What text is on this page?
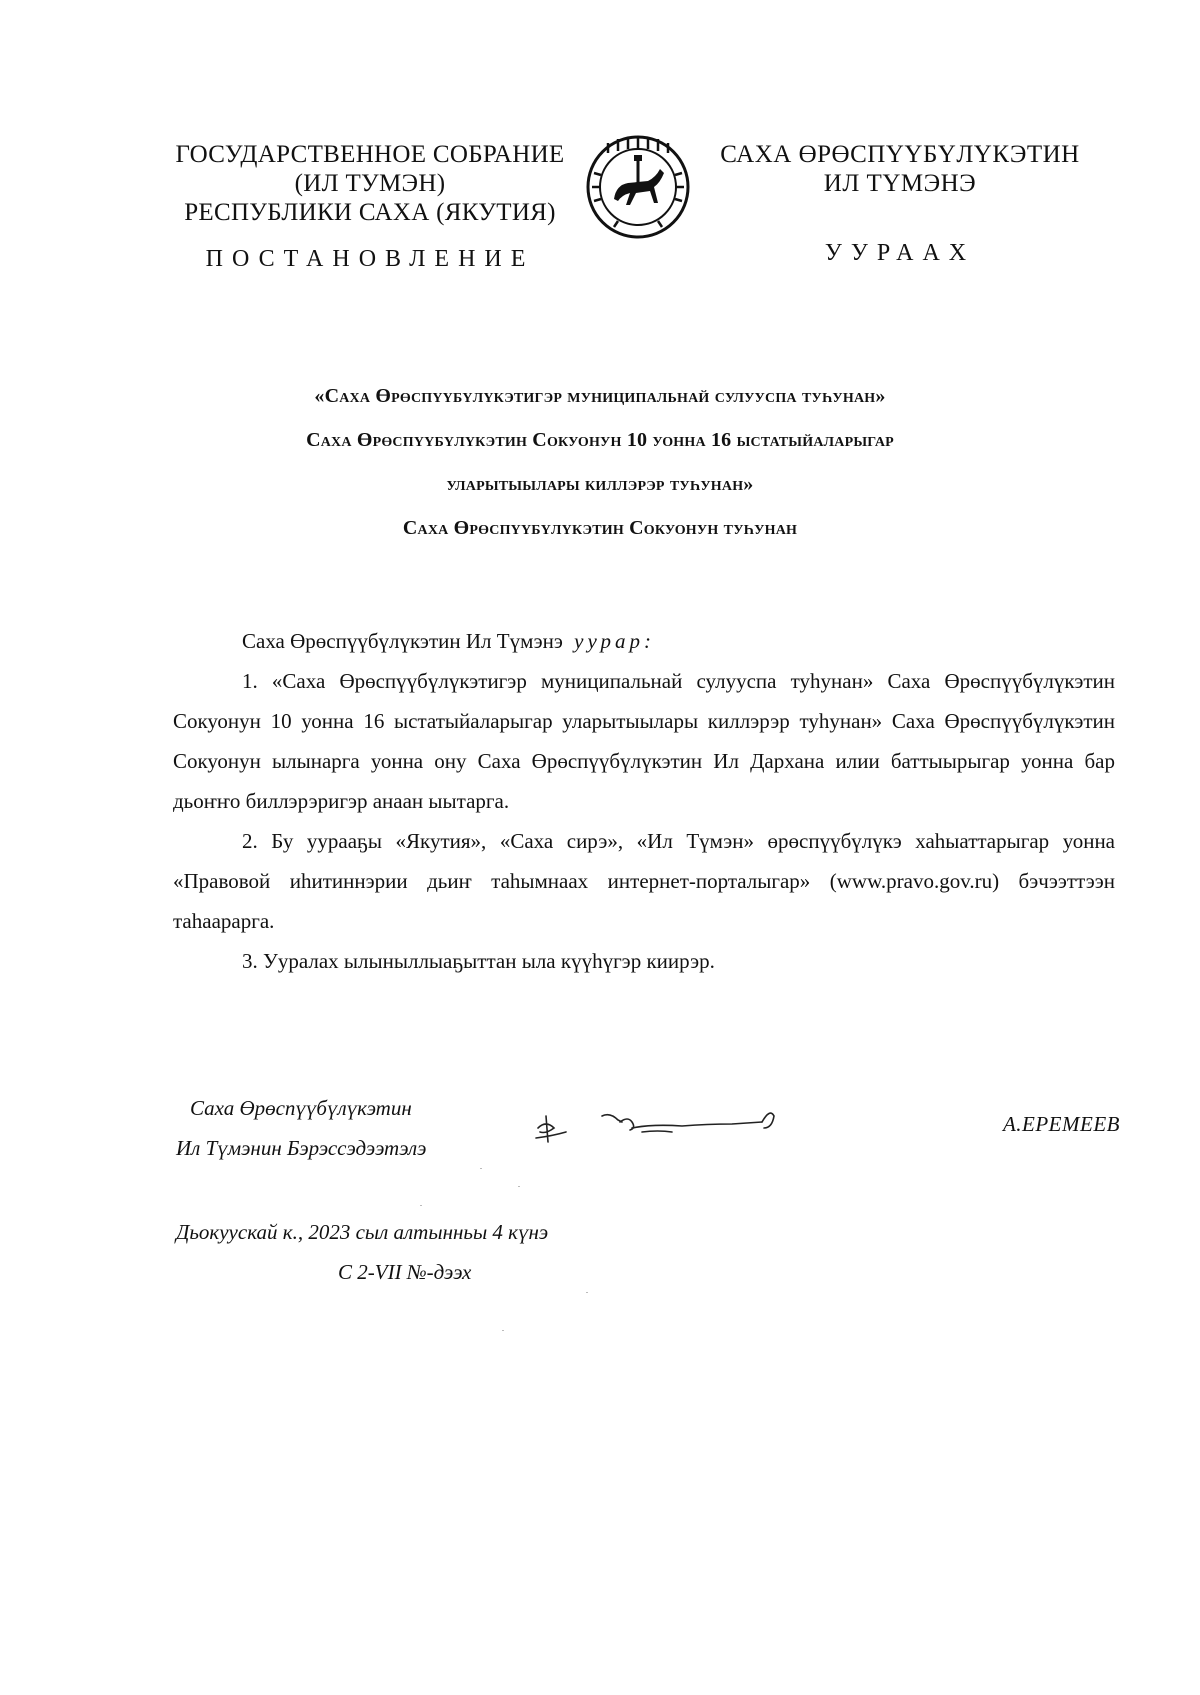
ГОСУДАРСТВЕННОЕ СОБРАНИЕ
(ИЛ ТУМЭН)
РЕСПУБЛИКИ САХА (ЯКУТИЯ)
САХА ӨРӨСПҮҮБҮЛҮКЭТИН
ИЛ ТҮМЭНЭ
ПОСТАНОВЛЕНИЕ	УУРААХ
«Саха Өрөспүүбүлүкэтигэр муниципальнай сулууспа туһунан»
Саха Өрөспүүбүлүкэтин Сокуонун 10 уонна 16 ыстатыйаларыгар
уларытыылары киллэрэр туһунан»
Саха Өрөспүүбүлүкэтин Сокуонун туһунан
Саха Өрөспүүбүлүкэтин Ил Түмэнэ уурар:

1. «Саха Өрөспүүбүлүкэтигэр муниципальнай сулууспа туһунан» Саха Өрөспүүбүлүкэтин Сокуонун 10 уонна 16 ыстатыйаларыгар уларытыылары киллэрэр туһунан» Саха Өрөспүүбүлүкэтин Сокуонун ылынарга уонна ону Саха Өрөспүүбүлүкэтин Ил Дархана илии баттыырыгар уонна бар дьоҥҥо биллэрэригэр анаан ыытарга.

2. Бу уурааҕы «Якутия», «Саха сирэ», «Ил Түмэн» өрөспүүбүлүкэ хаһыаттарыгар уонна «Правовой иһитиннэрии дьиҥ таһымнаах интернет-порталыгар» (www.pravo.gov.ru) бэчээттээн таһаарарга.

3. Ууралах ылыныллыаҕыттан ыла күүһүгэр киирэр.

Саха Өрөспүүбүлүкэтин
Ил Түмэнин Бэрэссэдээтэлэ
А.ЕРЕМЕЕВ
Дьокуускай к., 2023 сыл алтынньы 4 күнэ
С 2-VII №-дээх
